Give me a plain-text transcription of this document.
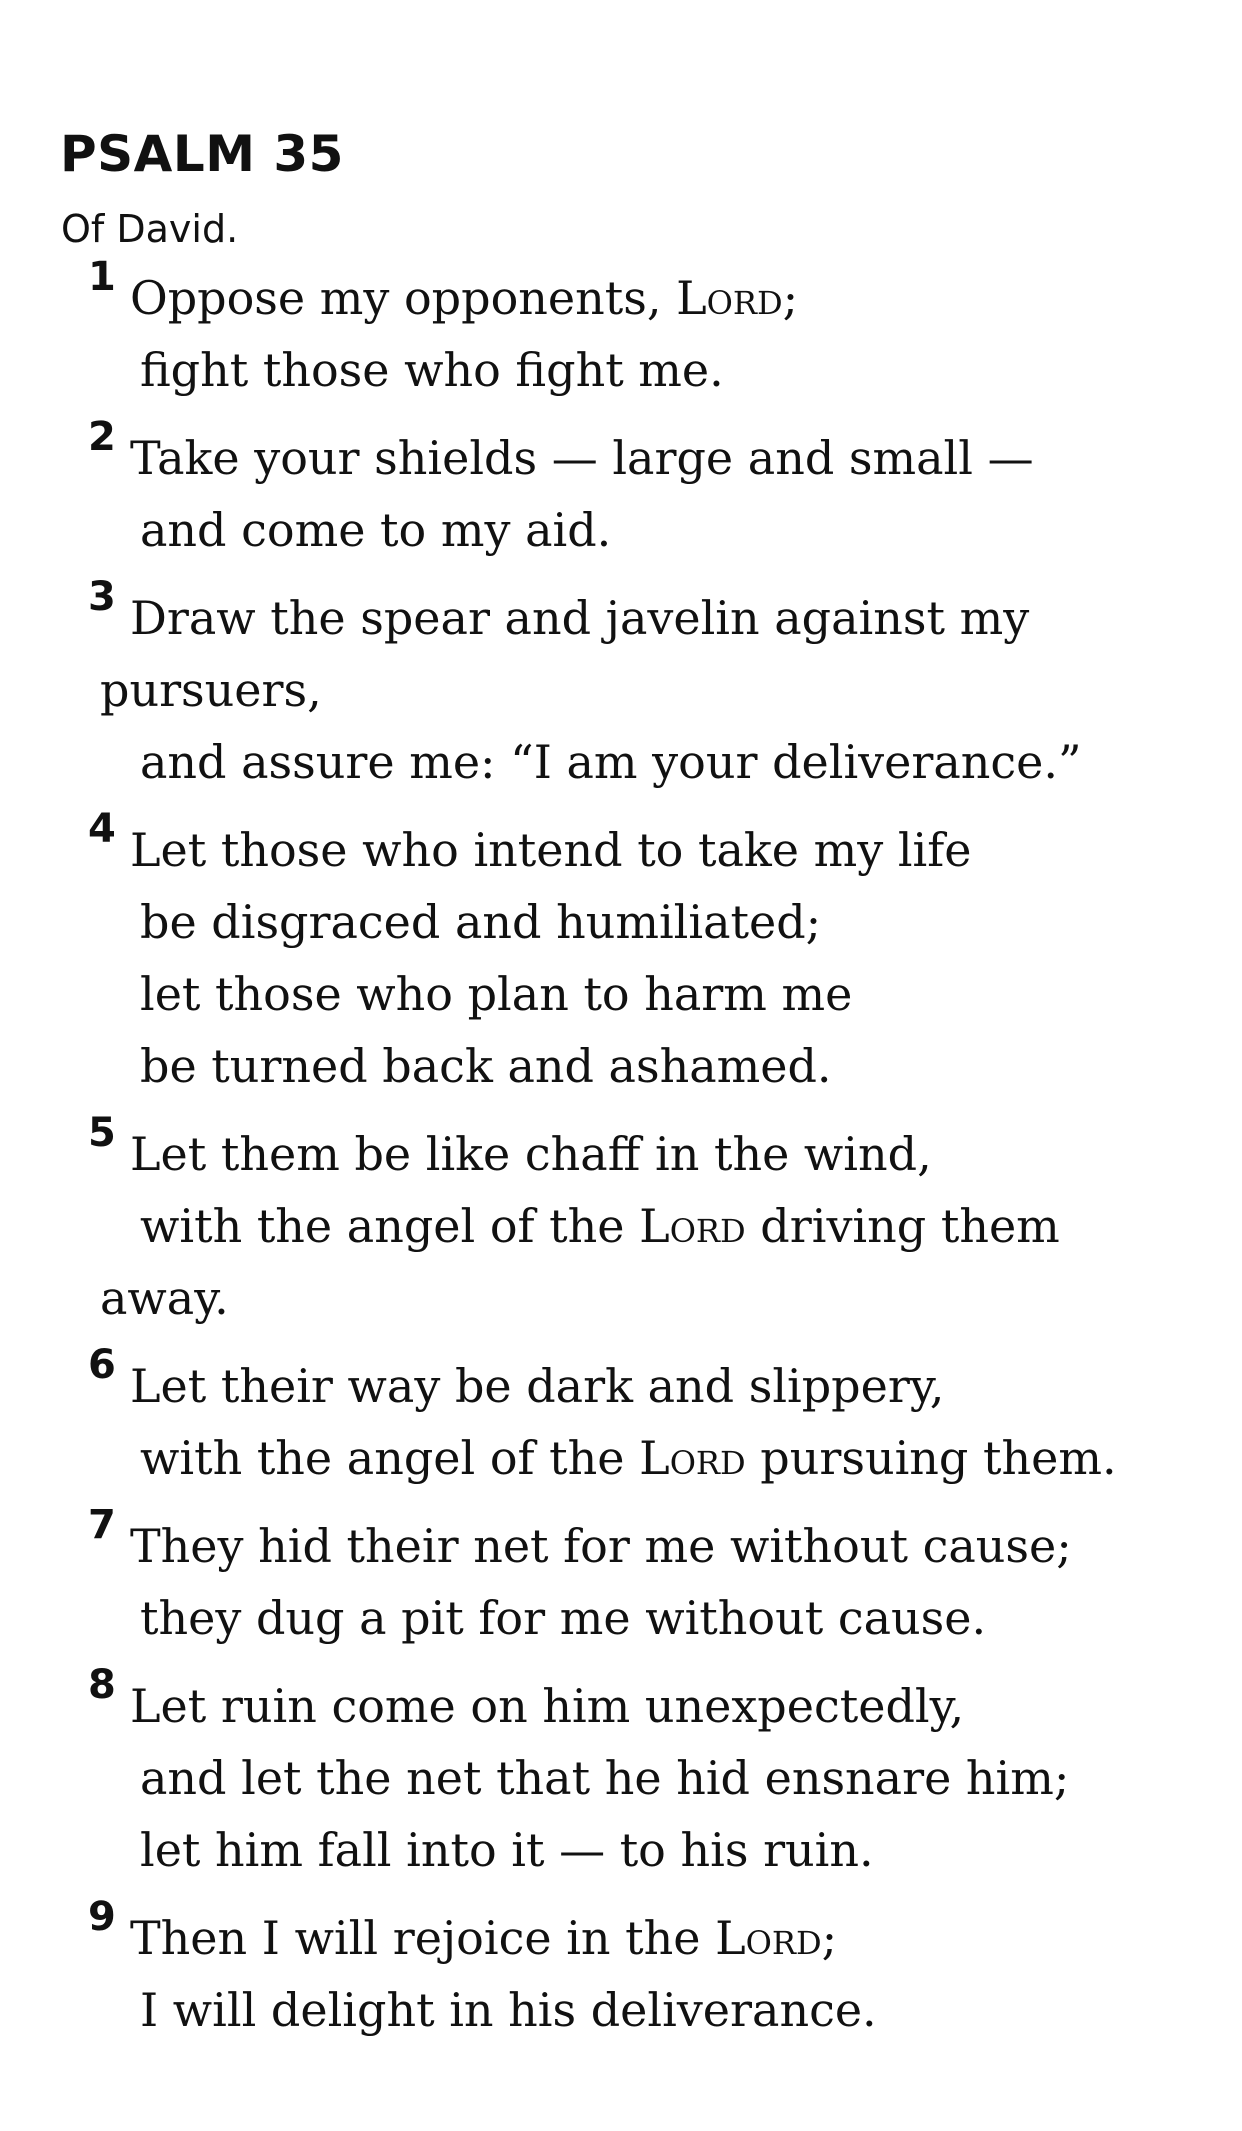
PSALM 35

Of David.

1 Oppose my opponents, Lord;
fight those who fight me.
2 Take your shields — large and small —
and come to my aid.
3 Draw the spear and javelin against my
pursuers,
and assure me: “I am your deliverance.”
4 Let those who intend to take my life
be disgraced and humiliated;
let those who plan to harm me
be turned back and ashamed.
5 Let them be like chaff in the wind,
with the angel of the Lord driving them
away.
6 Let their way be dark and slippery,
with the angel of the Lord pursuing them.
7 They hid their net for me without cause;
they dug a pit for me without cause.
8 Let ruin come on him unexpectedly,
and let the net that he hid ensnare him;
let him fall into it — to his ruin.
9 Then I will rejoice in the Lord;
I will delight in his deliverance.
